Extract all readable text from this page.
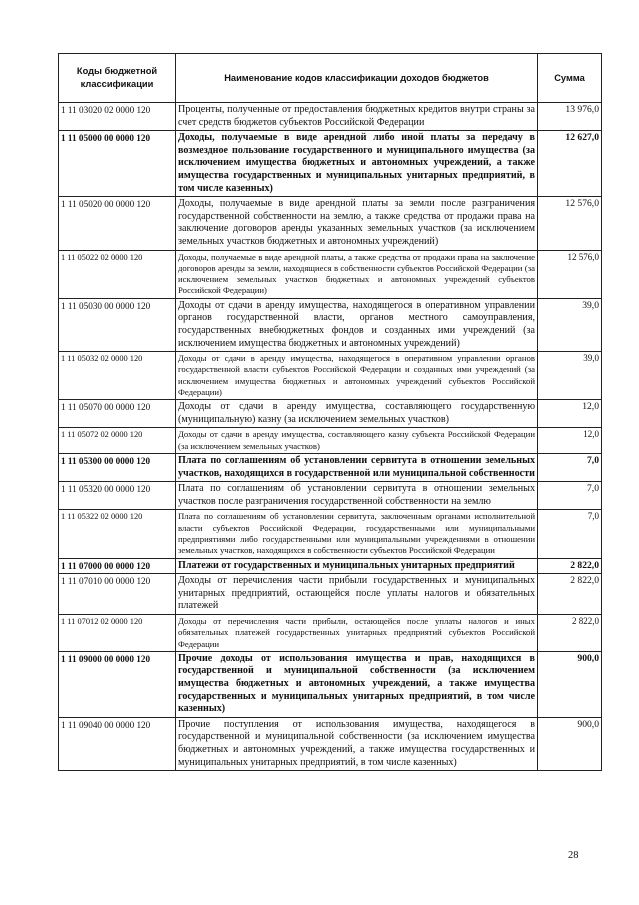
Коды бюджетной классификации	Наименование кодов классификации доходов бюджетов	Сумма
1 11 03020 02 0000 120	Проценты, полученные от предоставления бюджетных кредитов внутри страны за счет средств бюджетов субъектов Российской Федерации	13 976,0
1 11 05000 00 0000 120	Доходы, получаемые в виде арендной либо иной платы за передачу в возмездное пользование государственного и муниципального имущества (за исключением имущества бюджетных и автономных учреждений, а также имущества государственных и муниципальных унитарных предприятий, в том числе казенных)	12 627,0
1 11 05020 00 0000 120	Доходы, получаемые в виде арендной платы за земли после разграничения государственной собственности на землю, а также средства от продажи права на заключение договоров аренды указанных земельных участков (за исключением земельных участков бюджетных и автономных учреждений)	12 576,0
1 11 05022 02 0000 120	Доходы, получаемые в виде арендной платы, а также средства от продажи права на заключение договоров аренды за земли, находящиеся в собственности субъектов Российской Федерации (за исключением земельных участков бюджетных и автономных учреждений субъектов Российской Федерации)	12 576,0
1 11 05030 00 0000 120	Доходы от сдачи в аренду имущества, находящегося в оперативном управлении органов государственной власти, органов местного самоуправления, государственных внебюджетных фондов и созданных ими учреждений (за исключением имущества бюджетных и автономных учреждений)	39,0
1 11 05032 02 0000 120	Доходы от сдачи в аренду имущества, находящегося в оперативном управлении органов государственной власти субъектов Российской Федерации и созданных ими учреждений (за исключением имущества бюджетных и автономных учреждений субъектов Российской Федерации)	39,0
1 11 05070 00 0000 120	Доходы от сдачи в аренду имущества, составляющего государственную (муниципальную) казну (за исключением земельных участков)	12,0
1 11 05072 02 0000 120	Доходы от сдачи в аренду имущества, составляющего казну субъекта Российской Федерации (за исключением земельных участков)	12,0
1 11 05300 00 0000 120	Плата по соглашениям об установлении сервитута в отношении земельных участков, находящихся в государственной или муниципальной собственности	7,0
1 11 05320 00 0000 120	Плата по соглашениям об установлении сервитута в отношении земельных участков после разграничения государственной собственности на землю	7,0
1 11 05322 02 0000 120	Плата по соглашениям об установлении сервитута, заключенным органами исполнительной власти субъектов Российской Федерации, государственными или муниципальными предприятиями либо государственными или муниципальными учреждениями в отношении земельных участков, находящихся в собственности субъектов Российской Федерации	7,0
1 11 07000 00 0000 120	Платежи от государственных и муниципальных унитарных предприятий	2 822,0
1 11 07010 00 0000 120	Доходы от перечисления части прибыли государственных и муниципальных унитарных предприятий, остающейся после уплаты налогов и обязательных платежей	2 822,0
1 11 07012 02 0000 120	Доходы от перечисления части прибыли, остающейся после уплаты налогов и иных обязательных платежей государственных унитарных предприятий субъектов Российской Федерации	2 822,0
1 11 09000 00 0000 120	Прочие доходы от использования имущества и прав, находящихся в государственной и муниципальной собственности (за исключением имущества бюджетных и автономных учреждений, а также имущества государственных и муниципальных унитарных предприятий, в том числе казенных)	900,0
1 11 09040 00 0000 120	Прочие поступления от использования имущества, находящегося в государственной и муниципальной собственности (за исключением имущества бюджетных и автономных учреждений, а также имущества государственных и муниципальных унитарных предприятий, в том числе казенных)	900,0
28
